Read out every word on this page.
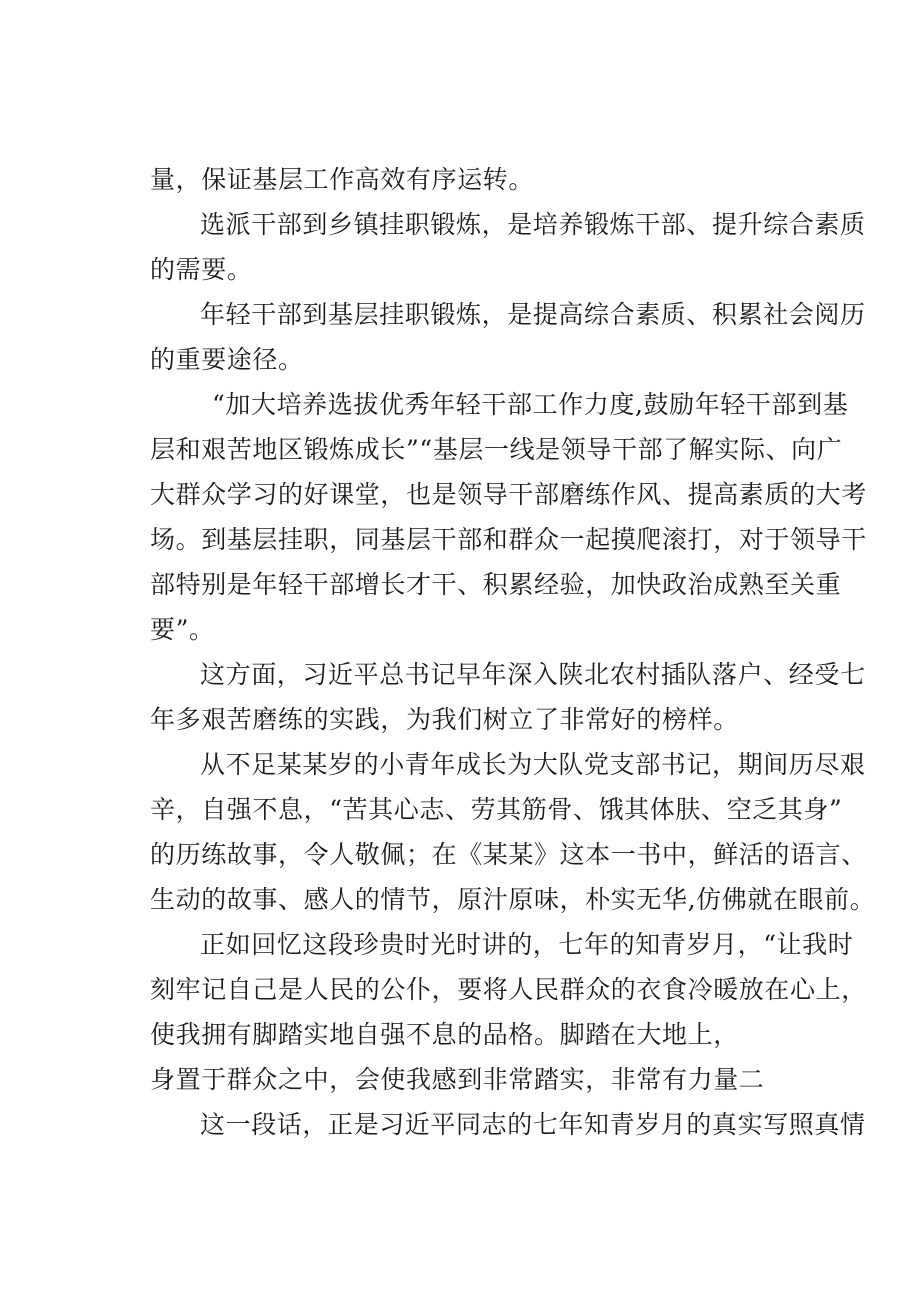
量，保证基层工作高效有序运转。
选派干部到乡镇挂职锻炼，是培养锻炼干部、提升综合素质
的需要。
年轻干部到基层挂职锻炼，是提高综合素质、积累社会阅历
的重要途径。
“加大培养选拔优秀年轻干部工作力度,鼓励年轻干部到基
层和艰苦地区锻炼成长”“基层一线是领导干部了解实际、向广
大群众学习的好课堂，也是领导干部磨练作风、提高素质的大考
场。到基层挂职，同基层干部和群众一起摸爬滚打，对于领导干
部特别是年轻干部增长才干、积累经验，加快政治成熟至关重
要”。
这方面，习近平总书记早年深入陕北农村插队落户、经受七
年多艰苦磨练的实践，为我们树立了非常好的榜样。
从不足某某岁的小青年成长为大队党支部书记，期间历尽艰
辛，自强不息，“苦其心志、劳其筋骨、饿其体肤、空乏其身”
的历练故事，令人敬佩；在《某某》这本一书中，鲜活的语言、
生动的故事、感人的情节，原汁原味，朴实无华,仿佛就在眼前。
正如回忆这段珍贵时光时讲的，七年的知青岁月，“让我时
刻牢记自己是人民的公仆，要将人民群众的衣食冷暖放在心上，
使我拥有脚踏实地自强不息的品格。脚踏在大地上，
身置于群众之中，会使我感到非常踏实，非常有力量二
这一段话，正是习近平同志的七年知青岁月的真实写照真情
